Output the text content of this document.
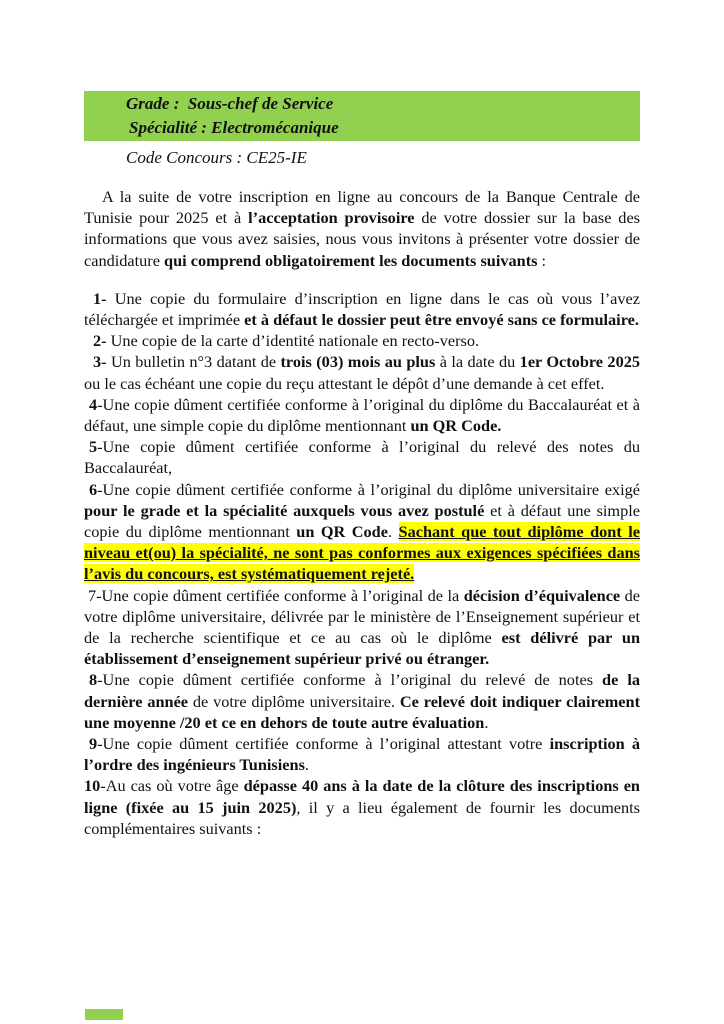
Grade :  Sous-chef de Service
Spécialité : Electromécanique
Code Concours : CE25-IE

A la suite de votre inscription en ligne au concours de la Banque Centrale de Tunisie pour 2025 et à l’acceptation provisoire de votre dossier sur la base des informations que vous avez saisies, nous vous invitons à présenter votre dossier de candidature qui comprend obligatoirement les documents suivants :

1- Une copie du formulaire d’inscription en ligne dans le cas où vous l’avez téléchargée et imprimée et à défaut le dossier peut être envoyé sans ce formulaire.

2- Une copie de la carte d’identité nationale en recto-verso.

3- Un bulletin n°3 datant de trois (03) mois au plus à la date du 1er Octobre 2025 ou le cas échéant une copie du reçu attestant le dépôt d’une demande à cet effet.

4-Une copie dûment certifiée conforme à l’original du diplôme du Baccalauréat et à défaut, une simple copie du diplôme mentionnant un QR Code.

5-Une copie dûment certifiée conforme à l’original du relevé des notes du Baccalauréat,

6-Une copie dûment certifiée conforme à l’original du diplôme universitaire exigé pour le grade et la spécialité auxquels vous avez postulé et à défaut une simple copie du diplôme mentionnant un QR Code. Sachant que tout diplôme dont le niveau et(ou) la spécialité, ne sont pas conformes aux exigences spécifiées dans l’avis du concours, est systématiquement rejeté.

7-Une copie dûment certifiée conforme à l’original de la décision d’équivalence de votre diplôme universitaire, délivrée par le ministère de l’Enseignement supérieur et de la recherche scientifique et ce au cas où le diplôme est délivré par un établissement d’enseignement supérieur privé ou étranger.

8-Une copie dûment certifiée conforme à l’original du relevé de notes de la dernière année de votre diplôme universitaire. Ce relevé doit indiquer clairement une moyenne /20 et ce en dehors de toute autre évaluation.

9-Une copie dûment certifiée conforme à l’original attestant votre inscription à l’ordre des ingénieurs Tunisiens.

10-Au cas où votre âge dépasse 40 ans à la date de la clôture des inscriptions en ligne (fixée au 15 juin 2025), il y a lieu également de fournir les documents complémentaires suivants :
